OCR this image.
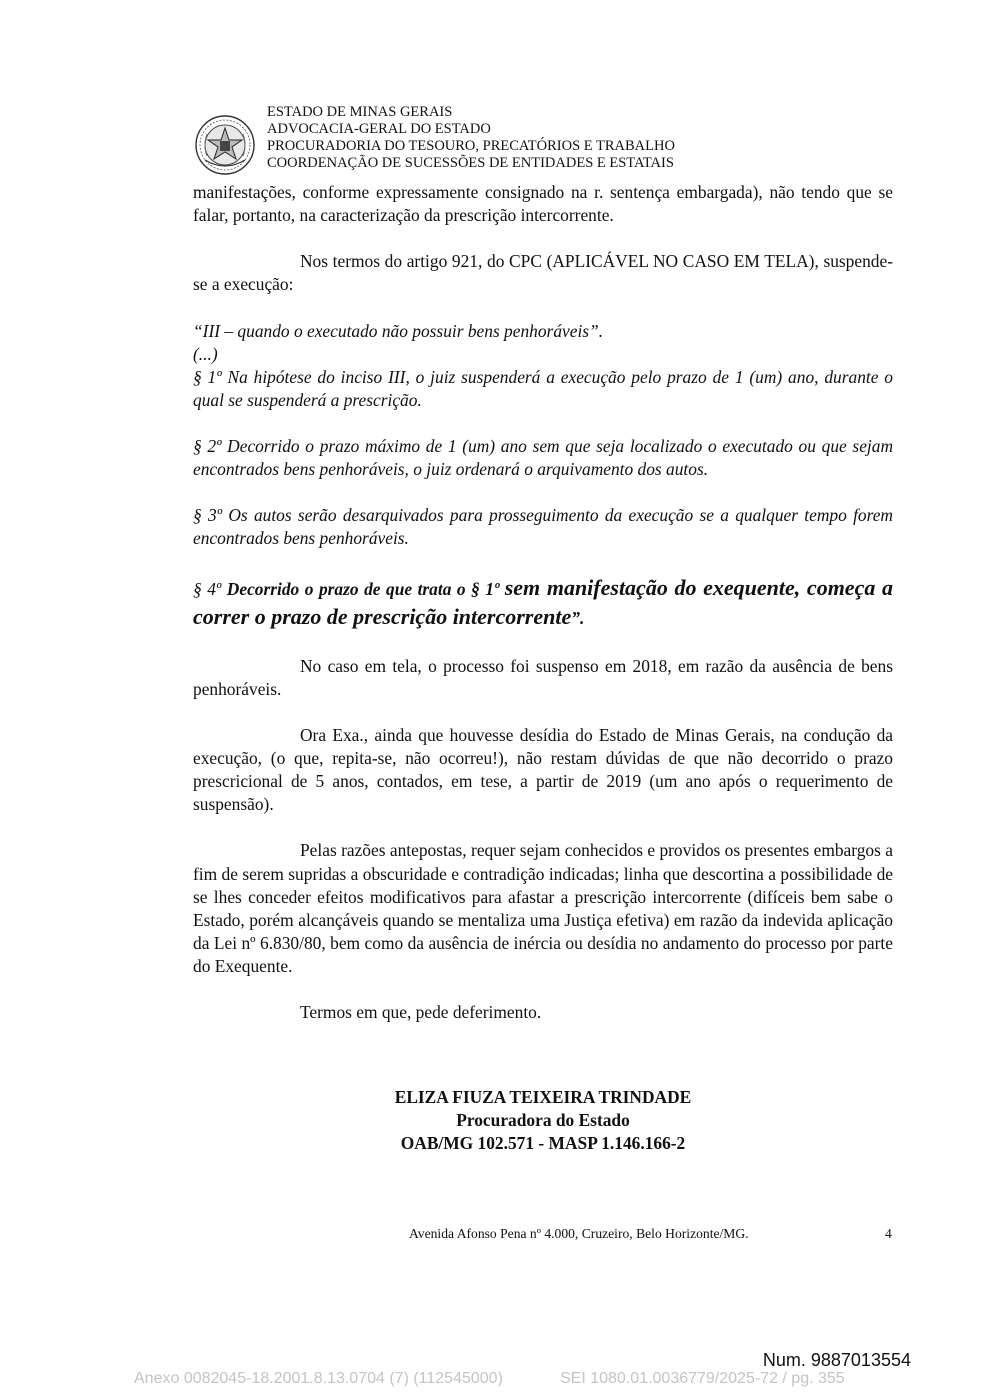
ESTADO DE MINAS GERAIS
ADVOCACIA-GERAL DO ESTADO
PROCURADORIA DO TESOURO, PRECATÓRIOS E TRABALHO
COORDENAÇÃO DE SUCESSÕES DE ENTIDADES E ESTATAIS

manifestações, conforme expressamente consignado na r. sentença embargada), não tendo que se falar, portanto, na caracterização da prescrição intercorrente.

Nos termos do artigo 921, do CPC (APLICÁVEL NO CASO EM TELA), suspende-se a execução:

“III – quando o executado não possuir bens penhoráveis”.

(...)

§ 1º Na hipótese do inciso III, o juiz suspenderá a execução pelo prazo de 1 (um) ano, durante o qual se suspenderá a prescrição.

§ 2º Decorrido o prazo máximo de 1 (um) ano sem que seja localizado o executado ou que sejam encontrados bens penhoráveis, o juiz ordenará o arquivamento dos autos.

§ 3º Os autos serão desarquivados para prosseguimento da execução se a qualquer tempo forem encontrados bens penhoráveis.

§ 4º Decorrido o prazo de que trata o § 1º sem manifestação do exequente, começa a correr o prazo de prescrição intercorrente”.

No caso em tela, o processo foi suspenso em 2018, em razão da ausência de bens penhoráveis.

Ora Exa., ainda que houvesse desídia do Estado de Minas Gerais, na condução da execução, (o que, repita-se, não ocorreu!), não restam dúvidas de que não decorrido o prazo prescricional de 5 anos, contados, em tese, a partir de 2019 (um ano após o requerimento de suspensão).

Pelas razões antepostas, requer sejam conhecidos e providos os presentes embargos a fim de serem supridas a obscuridade e contradição indicadas; linha que descortina a possibilidade de se lhes conceder efeitos modificativos para afastar a prescrição intercorrente (difíceis bem sabe o Estado, porém alcançáveis quando se mentaliza uma Justiça efetiva) em razão da indevida aplicação da Lei nº 6.830/80, bem como da ausência de inércia ou desídia no andamento do processo por parte do Exequente.

Termos em que, pede deferimento.

ELIZA FIUZA TEIXEIRA TRINDADE
Procuradora do Estado
OAB/MG 102.571 - MASP 1.146.166-2
Avenida Afonso Pena nº 4.000, Cruzeiro, Belo Horizonte/MG.	4
Num. 9887013554
Anexo 0082045-18.2001.8.13.0704 (7) (112545000)	SEI 1080.01.0036779/2025-72 / pg. 355
